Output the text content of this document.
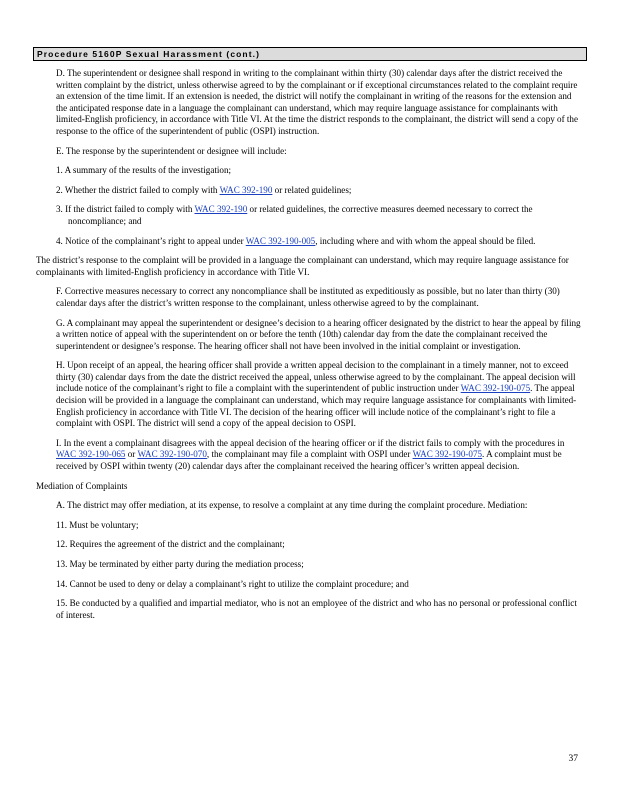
Procedure 5160P Sexual Harassment (cont.)

D. The superintendent or designee shall respond in writing to the complainant within thirty (30) calendar days after the district received the written complaint by the district, unless otherwise agreed to by the complainant or if exceptional circumstances related to the complaint require an extension of the time limit. If an extension is needed, the district will notify the complainant in writing of the reasons for the extension and the anticipated response date in a language the complainant can understand, which may require language assistance for complainants with limited-English proficiency, in accordance with Title VI. At the time the district responds to the complainant, the district will send a copy of the response to the office of the superintendent of public (OSPI) instruction.

E. The response by the superintendent or designee will include:

1. A summary of the results of the investigation;

2. Whether the district failed to comply with WAC 392-190 or related guidelines;

3. If the district failed to comply with WAC 392-190 or related guidelines, the corrective measures deemed necessary to correct the noncompliance; and

4. Notice of the complainant’s right to appeal under WAC 392-190-005, including where and with whom the appeal should be filed.

The district’s response to the complaint will be provided in a language the complainant can understand, which may require language assistance for complainants with limited-English proficiency in accordance with Title VI.

F. Corrective measures necessary to correct any noncompliance shall be instituted as expeditiously as possible, but no later than thirty (30) calendar days after the district’s written response to the complainant, unless otherwise agreed to by the complainant.

G. A complainant may appeal the superintendent or designee’s decision to a hearing officer designated by the district to hear the appeal by filing a written notice of appeal with the superintendent on or before the tenth (10th) calendar day from the date the complainant received the superintendent or designee’s response. The hearing officer shall not have been involved in the initial complaint or investigation.

H. Upon receipt of an appeal, the hearing officer shall provide a written appeal decision to the complainant in a timely manner, not to exceed thirty (30) calendar days from the date the district received the appeal, unless otherwise agreed to by the complainant. The appeal decision will include notice of the complainant’s right to file a complaint with the superintendent of public instruction under WAC 392-190-075. The appeal decision will be provided in a language the complainant can understand, which may require language assistance for complainants with limited-English proficiency in accordance with Title VI. The decision of the hearing officer will include notice of the complainant’s right to file a complaint with OSPI. The district will send a copy of the appeal decision to OSPI.

I. In the event a complainant disagrees with the appeal decision of the hearing officer or if the district fails to comply with the procedures in WAC 392-190-065 or WAC 392-190-070, the complainant may file a complaint with OSPI under WAC 392-190-075. A complaint must be received by OSPI within twenty (20) calendar days after the complainant received the hearing officer’s written appeal decision.

Mediation of Complaints

A. The district may offer mediation, at its expense, to resolve a complaint at any time during the complaint procedure. Mediation:

11. Must be voluntary;

12. Requires the agreement of the district and the complainant;

13. May be terminated by either party during the mediation process;

14. Cannot be used to deny or delay a complainant’s right to utilize the complaint procedure; and

15. Be conducted by a qualified and impartial mediator, who is not an employee of the district and who has no personal or professional conflict of interest.

37
